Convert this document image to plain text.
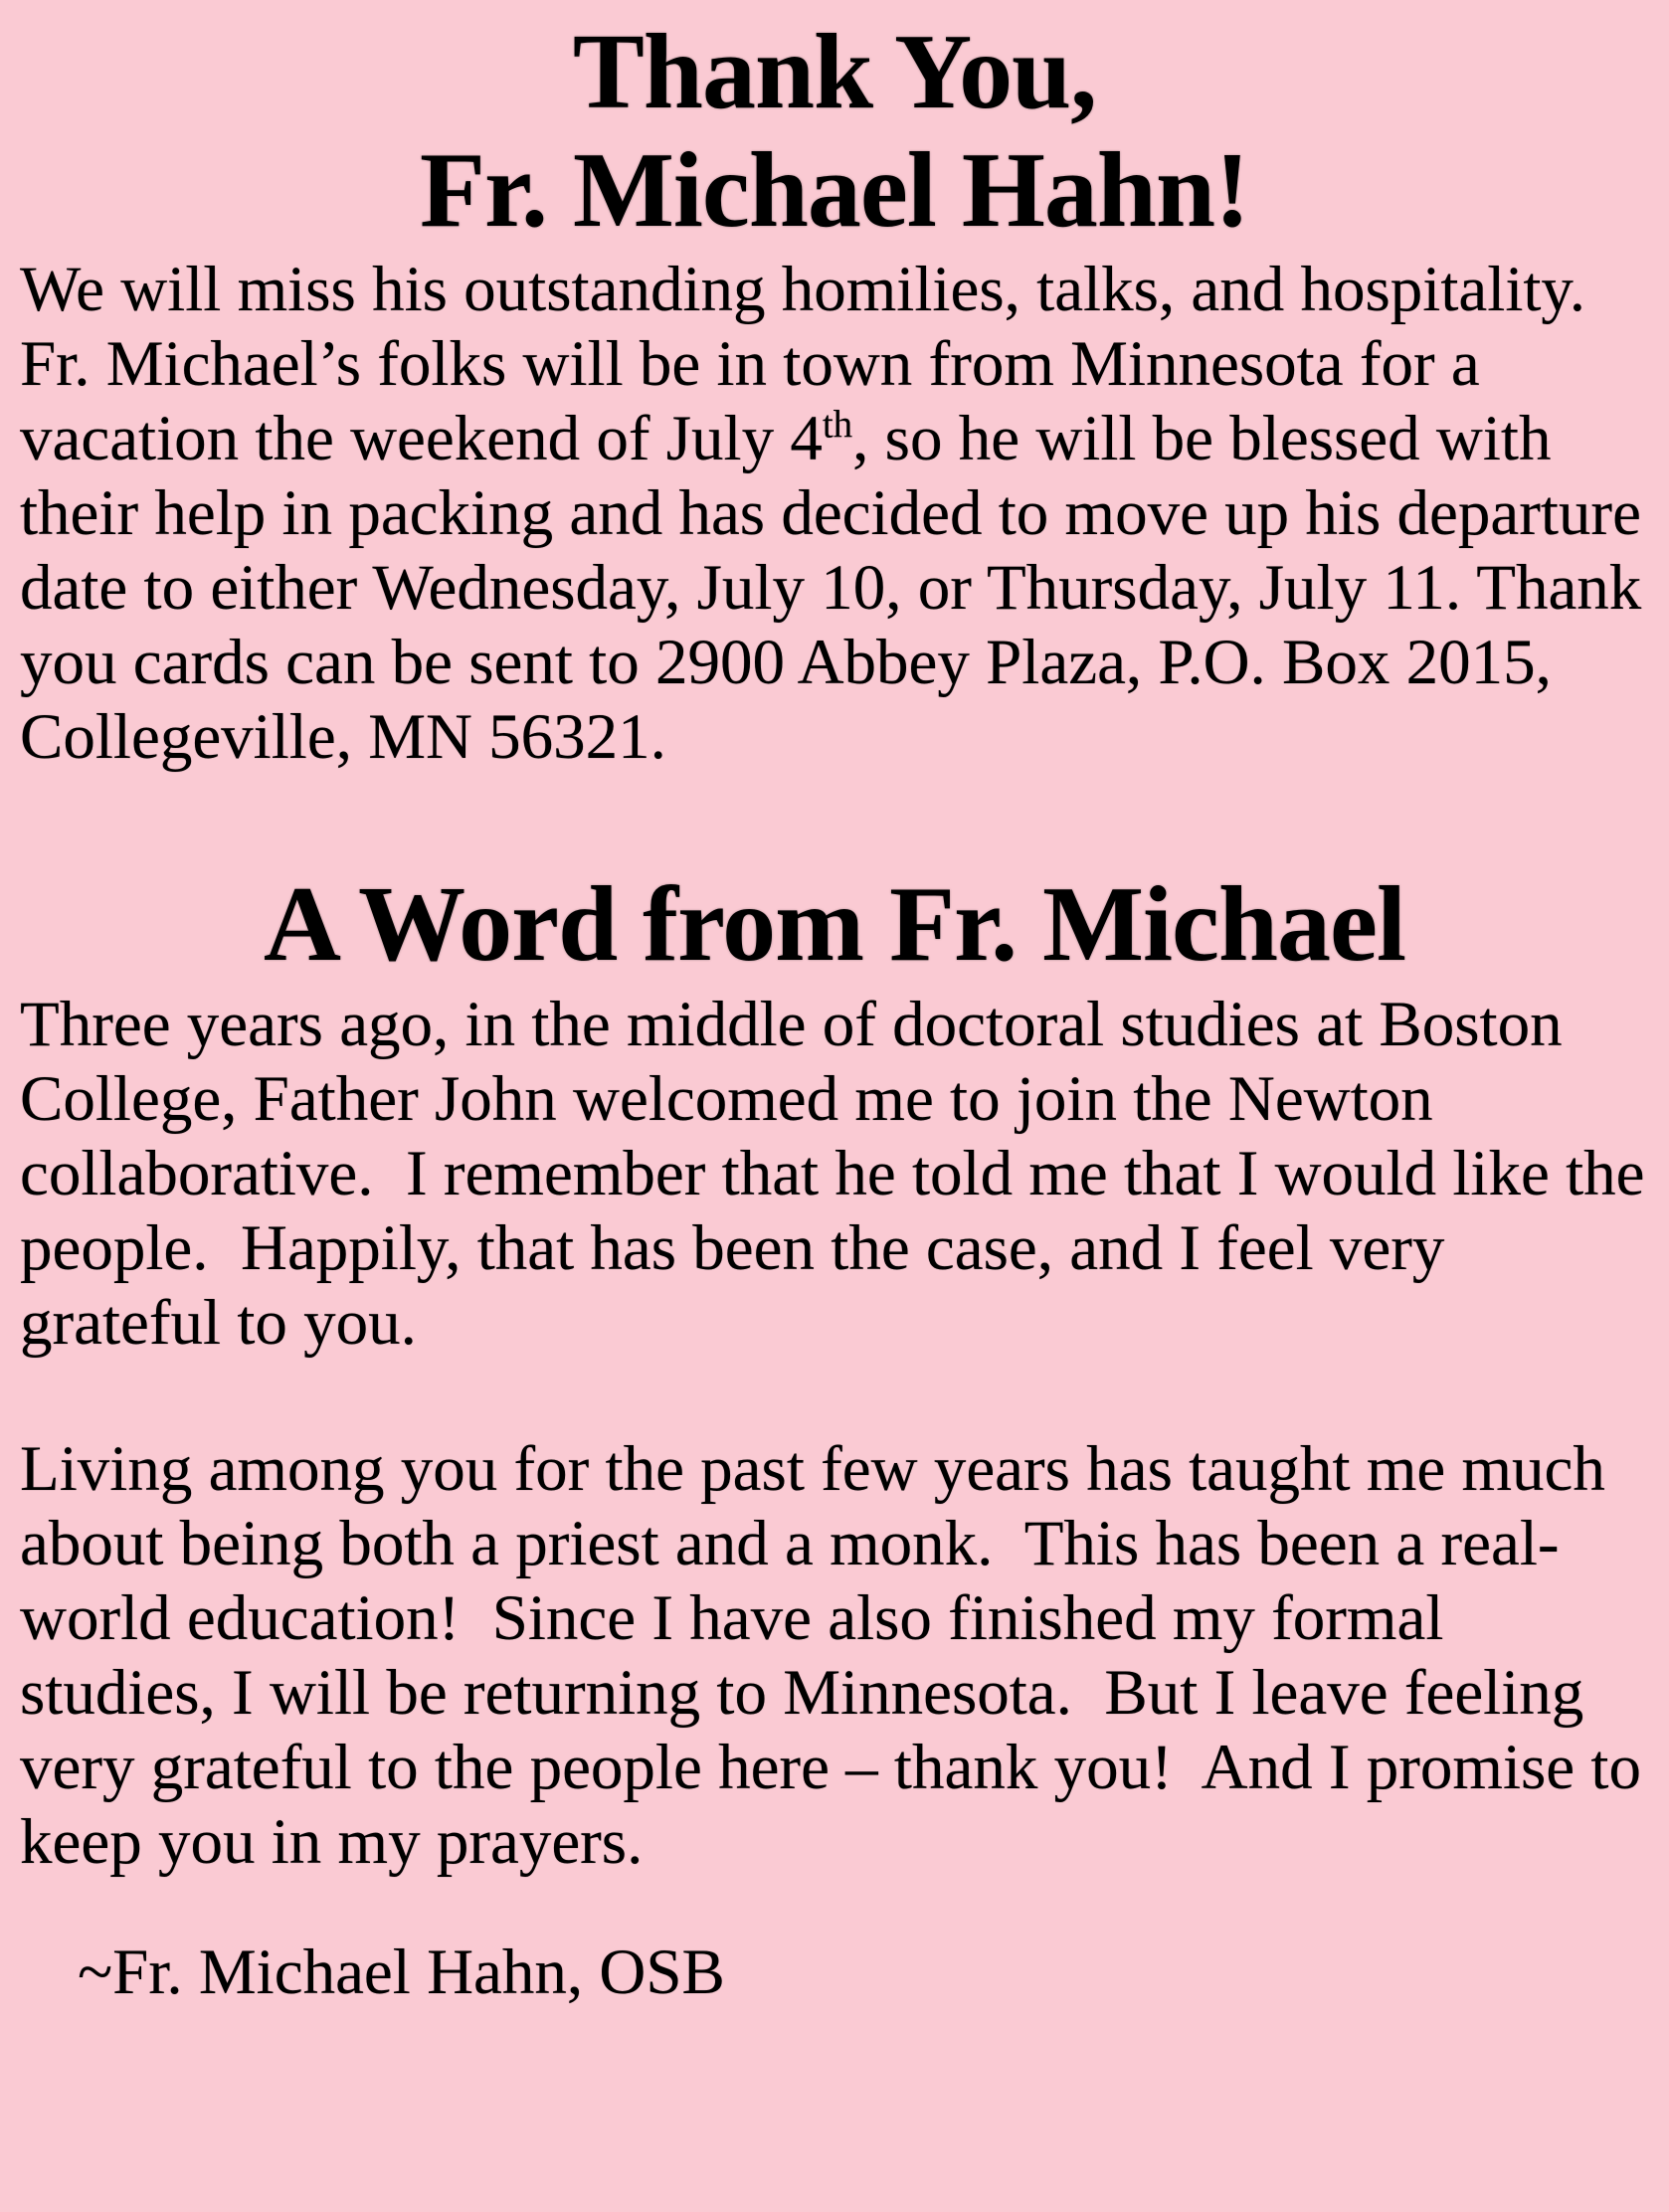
Thank You,
Fr. Michael Hahn!

We will miss his outstanding homilies, talks, and hospitality. Fr. Michael’s folks will be in town from Minnesota for a vacation the weekend of July 4th, so he will be blessed with their help in packing and has decided to move up his departure date to either Wednesday, July 10, or Thursday, July 11. Thank you cards can be sent to 2900 Abbey Plaza, P.O. Box 2015, Collegeville, MN 56321.

A Word from Fr. Michael

Three years ago, in the middle of doctoral studies at Boston College, Father John welcomed me to join the Newton collaborative.  I remember that he told me that I would like the people.  Happily, that has been the case, and I feel very grateful to you.

Living among you for the past few years has taught me much about being both a priest and a monk.  This has been a real-world education!  Since I have also finished my formal studies, I will be returning to Minnesota.  But I leave feeling very grateful to the people here – thank you!  And I promise to keep you in my prayers.

~Fr. Michael Hahn, OSB
